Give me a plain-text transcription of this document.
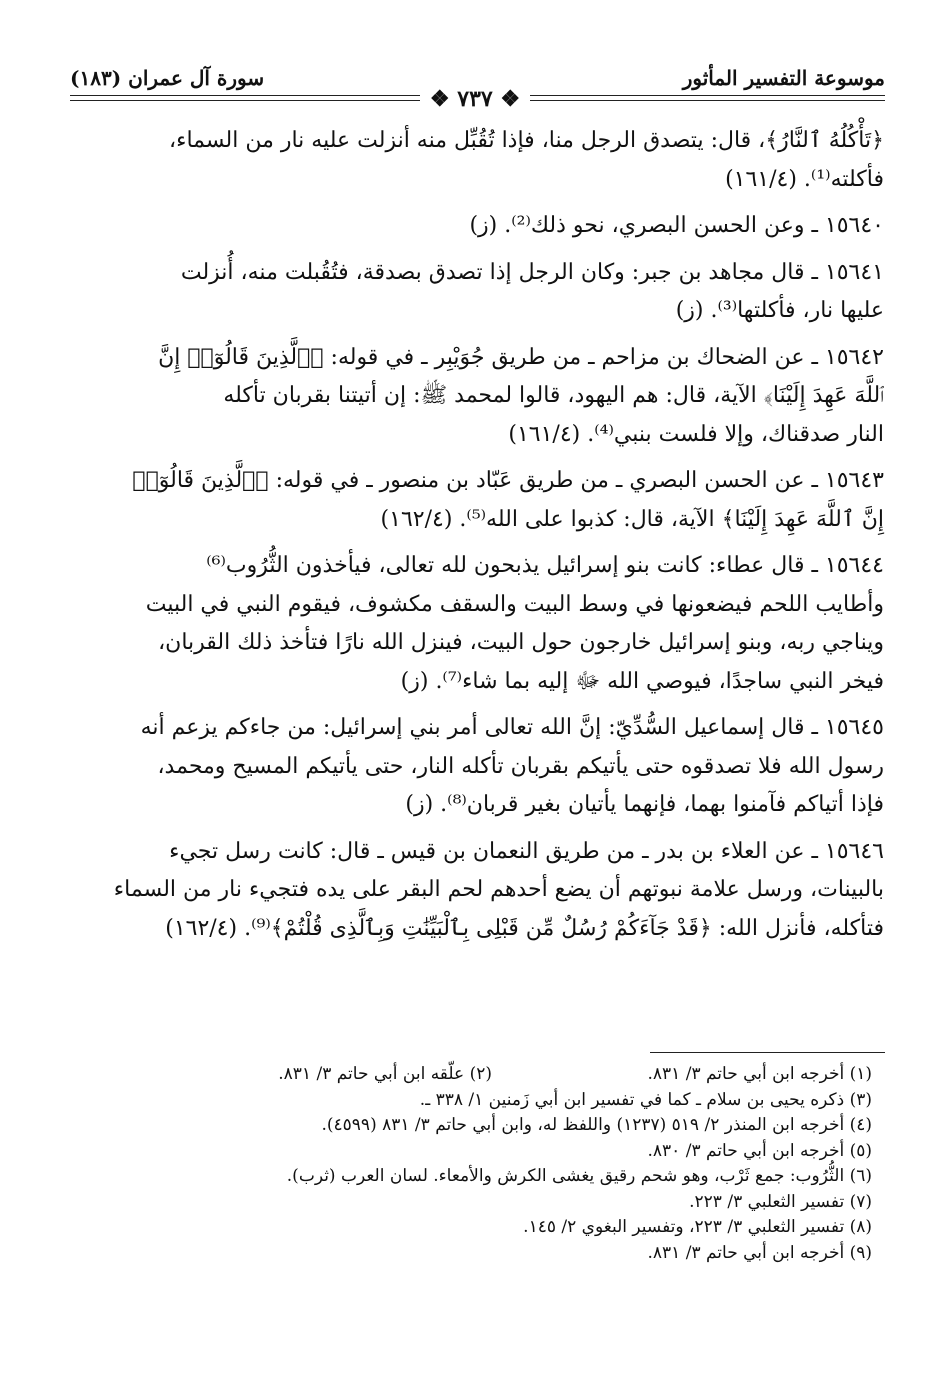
سورة آل عمران (١٨٣)	موسوعة التفسير المأثور
❖ ٧٣٧ ❖

﴿تَأْكُلُهُ ٱلنَّارُ﴾، قال: يتصدق الرجل منا، فإذا تُقُبِّل منه أنزلت عليه نار من السماء،
فأكلته⁽¹⁾. (١٦١/٤)

١٥٦٤٠ ـ وعن الحسن البصري، نحو ذلك⁽²⁾. (ز)

١٥٦٤١ ـ قال مجاهد بن جبر: وكان الرجل إذا تصدق بصدقة، فتُقُبلت منه، أُنزلت
عليها نار، فأكلتها⁽³⁾. (ز)

١٥٦٤٢ ـ عن الضحاك بن مزاحم ـ من طريق جُوَيْبِر ـ في قوله: ﴿ٱلَّذِينَ قَالُوٓا۟ إِنَّ
ٱللَّهَ عَهِدَ إِلَيْنَا﴾ الآية، قال: هم اليهود، قالوا لمحمد ﷺ: إن أتيتنا بقربان تأكله
النار صدقناك، وإلا فلست بنبي⁽⁴⁾. (١٦١/٤)

١٥٦٤٣ ـ عن الحسن البصري ـ من طريق عَبّاد بن منصور ـ في قوله: ﴿ٱلَّذِينَ قَالُوٓا۟
إِنَّ ٱللَّهَ عَهِدَ إِلَيْنَا﴾ الآية، قال: كذبوا على الله⁽⁵⁾. (١٦٢/٤)

١٥٦٤٤ ـ قال عطاء: كانت بنو إسرائيل يذبحون لله تعالى، فيأخذون الثُّرُوب⁽⁶⁾
وأطايب اللحم فيضعونها في وسط البيت والسقف مكشوف، فيقوم النبي في البيت
ويناجي ربه، وبنو إسرائيل خارجون حول البيت، فينزل الله نارًا فتأخذ ذلك القربان،
فيخر النبي ساجدًا، فيوصي الله ﷻ إليه بما شاء⁽⁷⁾. (ز)

١٥٦٤٥ ـ قال إسماعيل السُّدِّيّ: إنَّ الله تعالى أمر بني إسرائيل: من جاءكم يزعم أنه
رسول الله فلا تصدقوه حتى يأتيكم بقربان تأكله النار، حتى يأتيكم المسيح ومحمد،
فإذا أتياكم فآمنوا بهما، فإنهما يأتيان بغير قربان⁽⁸⁾. (ز)

١٥٦٤٦ ـ عن العلاء بن بدر ـ من طريق النعمان بن قيس ـ قال: كانت رسل تجيء
بالبينات، ورسل علامة نبوتهم أن يضع أحدهم لحم البقر على يده فتجيء نار من السماء
فتأكله، فأنزل الله: ﴿قَدْ جَآءَكُمْ رُسُلٌ مِّن قَبْلِى بِٱلْبَيِّنَٰتِ وَبِٱلَّذِى قُلْتُمْ﴾⁽⁹⁾. (١٦٢/٤)

(١) أخرجه ابن أبي حاتم ٣/ ٨٣١.
(٢) علّقه ابن أبي حاتم ٣/ ٨٣١.
(٣) ذكره يحيى بن سلام ـ كما في تفسير ابن أبي زَمنين ١/ ٣٣٨ ـ.
(٤) أخرجه ابن المنذر ٢/ ٥١٩ (١٢٣٧) واللفظ له، وابن أبي حاتم ٣/ ٨٣١ (٤٥٩٩).
(٥) أخرجه ابن أبي حاتم ٣/ ٨٣٠.
(٦) الثُّرُوب: جمع ثَرْب، وهو شحم رقيق يغشى الكرش والأمعاء. لسان العرب (ثرب).
(٧) تفسير الثعلبي ٣/ ٢٢٣.
(٨) تفسير الثعلبي ٣/ ٢٢٣، وتفسير البغوي ٢/ ١٤٥.
(٩) أخرجه ابن أبي حاتم ٣/ ٨٣١.
